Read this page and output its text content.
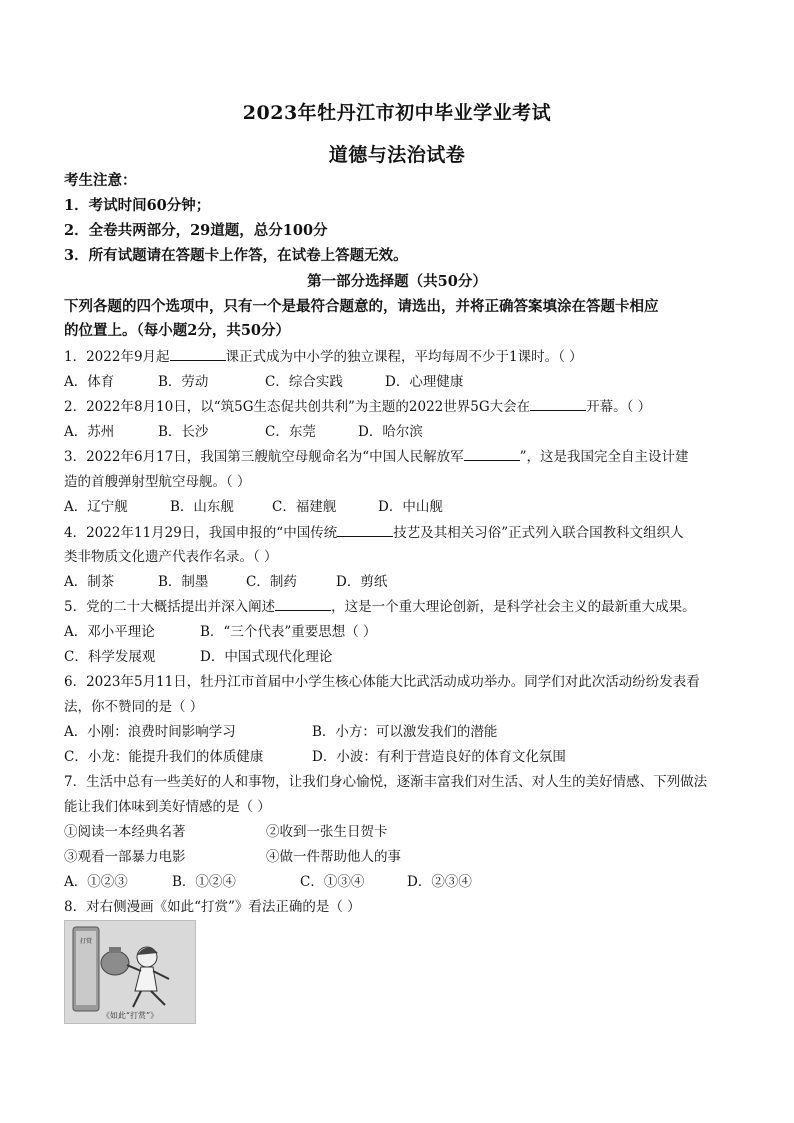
2023年牡丹江市初中毕业学业考试
道德与法治试卷
考生注意：
1．考试时间60分钟；
2．全卷共两部分，29道题，总分100分
3．所有试题请在答题卡上作答，在试卷上答题无效。
第一部分选择题（共50分）
下列各题的四个选项中，只有一个是最符合题意的，请选出，并将正确答案填涂在答题卡相应
的位置上。（每小题2分，共50分）
1．2022年9月起	课正式成为中小学的独立课程，平均每周不少于1课时。（ ）
A．体育	B．劳动	C．综合实践	D．心理健康
2．2022年8月10日，以“筑5G生态促共创共利”为主题的2022世界5G大会在	开幕。（ ）
A．苏州	B．长沙	C．东莞	D．哈尔滨
3．2022年6月17日，我国第三艘航空母舰命名为“中国人民解放军	”，这是我国完全自主设计建
造的首艘弹射型航空母舰。（ ）
A．辽宁舰	B．山东舰	C．福建舰	D．中山舰
4．2022年11月29日，我国申报的“中国传统	技艺及其相关习俗”正式列入联合国教科文组织人
类非物质文化遗产代表作名录。（ ）
A．制茶	B．制墨	C．制药	D．剪纸
5．党的二十大概括提出并深入阐述	，这是一个重大理论创新，是科学社会主义的最新重大成果。
A．邓小平理论	B．“三个代表”重要思想（ ）
C．科学发展观	D．中国式现代化理论
6．2023年5月11日，牡丹江市首届中小学生核心体能大比武活动成功举办。同学们对此次活动纷纷发表看
法，你不赞同的是（ ）
A．小刚：浪费时间影响学习	B．小方：可以激发我们的潜能
C．小龙：能提升我们的体质健康	D．小波：有利于营造良好的体育文化氛围
7．生活中总有一些美好的人和事物，让我们身心愉悦，逐渐丰富我们对生活、对人生的美好情感、下列做法
能让我们体味到美好情感的是（ ）
①阅读一本经典名著	②收到一张生日贺卡
③观看一部暴力电影	④做一件帮助他人的事
A．①②③	B．①②④	C．①③④	D．②③④
8．对右侧漫画《如此“打赏”》看法正确的是（ ）
打赏
《如此“打赏”》
